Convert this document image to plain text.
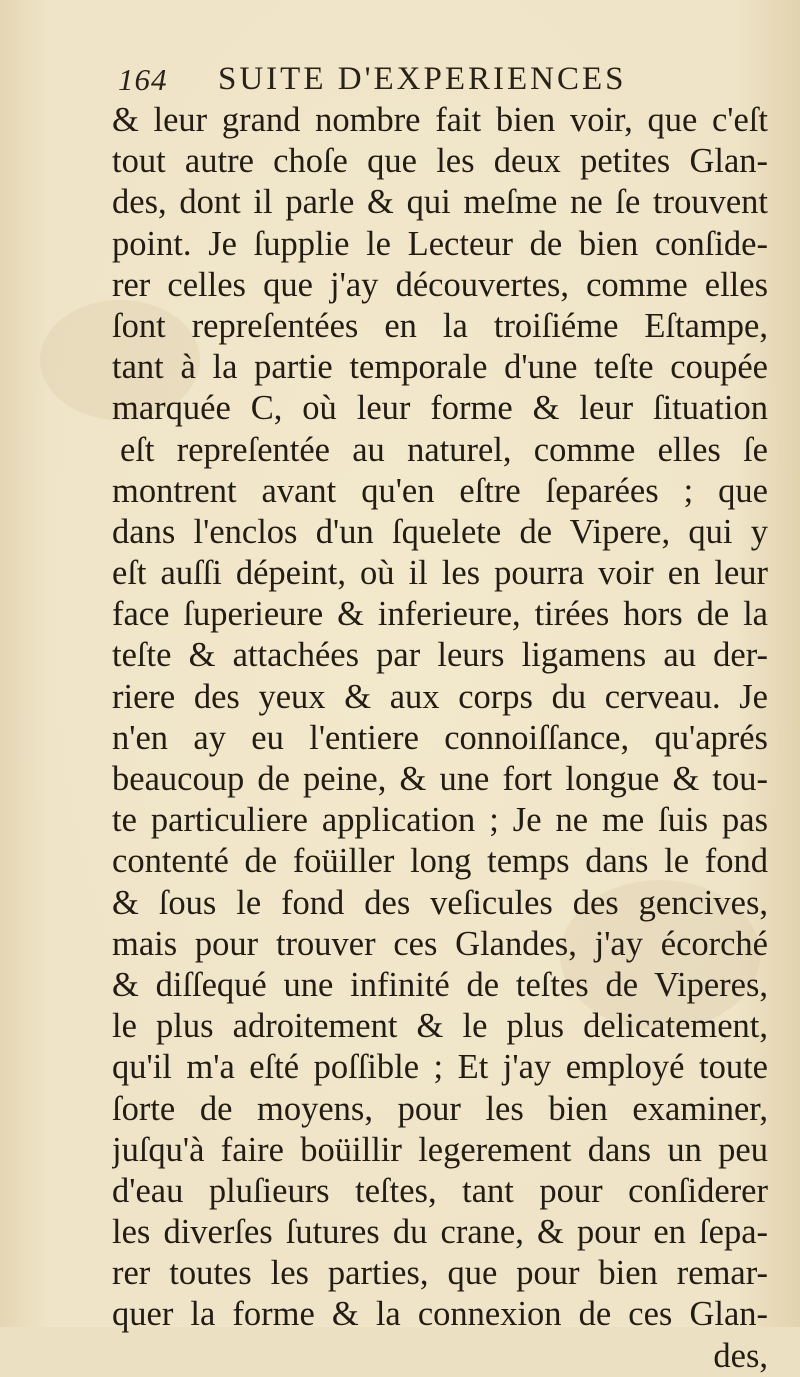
164	SUITE D'EXPERIENCES
& leur grand nombre fait bien voir, que c'eſt
tout autre choſe que les deux petites Glan-
des, dont il parle & qui meſme ne ſe trouvent
point. Je ſupplie le Lecteur de bien conſide-
rer celles que j'ay découvertes, comme elles
ſont repreſentées en la troiſiéme Eſtampe,
tant à la partie temporale d'une teſte coupée
marquée C, où leur forme & leur ſituation
eſt repreſentée au naturel, comme elles ſe
montrent avant qu'en eſtre ſeparées ; que
dans l'enclos d'un ſquelete de Vipere, qui y
eſt auſſi dépeint, où il les pourra voir en leur
face ſuperieure & inferieure, tirées hors de la
teſte & attachées par leurs ligamens au der-
riere des yeux & aux corps du cerveau. Je
n'en ay eu l'entiere connoiſſance, qu'aprés
beaucoup de peine, & une fort longue & tou-
te particuliere application ; Je ne me ſuis pas
contenté de foüiller long temps dans le fond
& ſous le fond des veſicules des gencives,
mais pour trouver ces Glandes, j'ay écorché
& diſſequé une infinité de teſtes de Viperes,
le plus adroitement & le plus delicatement,
qu'il m'a eſté poſſible ; Et j'ay employé toute
ſorte de moyens, pour les bien examiner,
juſqu'à faire boüillir legerement dans un peu
d'eau pluſieurs teſtes, tant pour conſiderer
les diverſes ſutures du crane, & pour en ſepa-
rer toutes les parties, que pour bien remar-
quer la forme & la connexion de ces Glan-
des,
